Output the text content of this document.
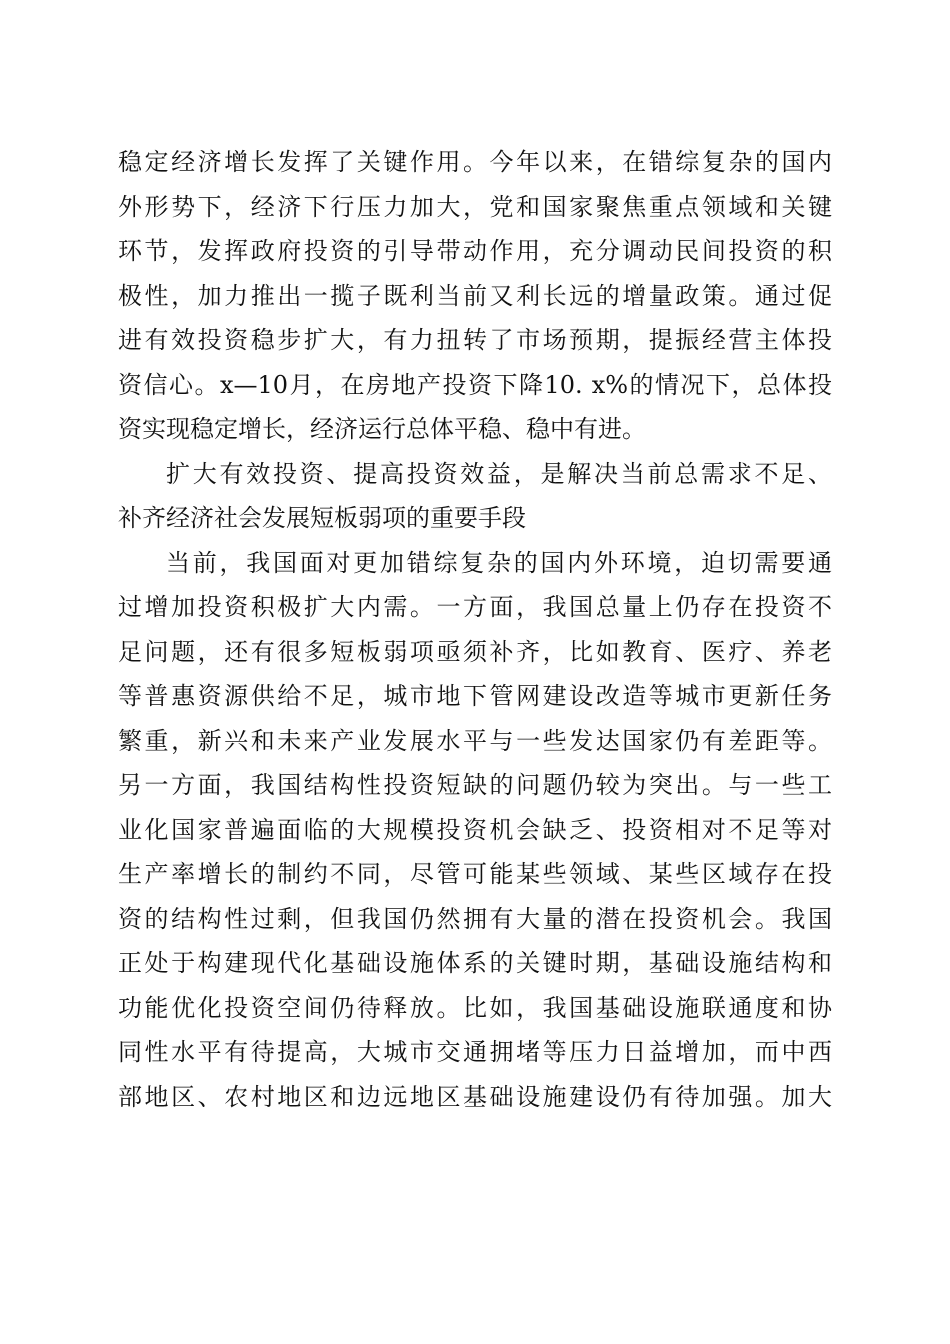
稳定经济增长发挥了关键作用。今年以来，在错综复杂的国内
外形势下，经济下行压力加大，党和国家聚焦重点领域和关键
环节，发挥政府投资的引导带动作用，充分调动民间投资的积
极性，加力推出一揽子既利当前又利长远的增量政策。通过促
进有效投资稳步扩大，有力扭转了市场预期，提振经营主体投
资信心。x—10月，在房地产投资下降10. x%的情况下，总体投
资实现稳定增长，经济运行总体平稳、稳中有进。
扩大有效投资、提高投资效益，是解决当前总需求不足、
补齐经济社会发展短板弱项的重要手段
当前，我国面对更加错综复杂的国内外环境，迫切需要通
过增加投资积极扩大内需。一方面，我国总量上仍存在投资不
足问题，还有很多短板弱项亟须补齐，比如教育、医疗、养老
等普惠资源供给不足，城市地下管网建设改造等城市更新任务
繁重，新兴和未来产业发展水平与一些发达国家仍有差距等。
另一方面，我国结构性投资短缺的问题仍较为突出。与一些工
业化国家普遍面临的大规模投资机会缺乏、投资相对不足等对
生产率增长的制约不同，尽管可能某些领域、某些区域存在投
资的结构性过剩，但我国仍然拥有大量的潜在投资机会。我国
正处于构建现代化基础设施体系的关键时期，基础设施结构和
功能优化投资空间仍待释放。比如，我国基础设施联通度和协
同性水平有待提高，大城市交通拥堵等压力日益增加，而中西
部地区、农村地区和边远地区基础设施建设仍有待加强。加大
